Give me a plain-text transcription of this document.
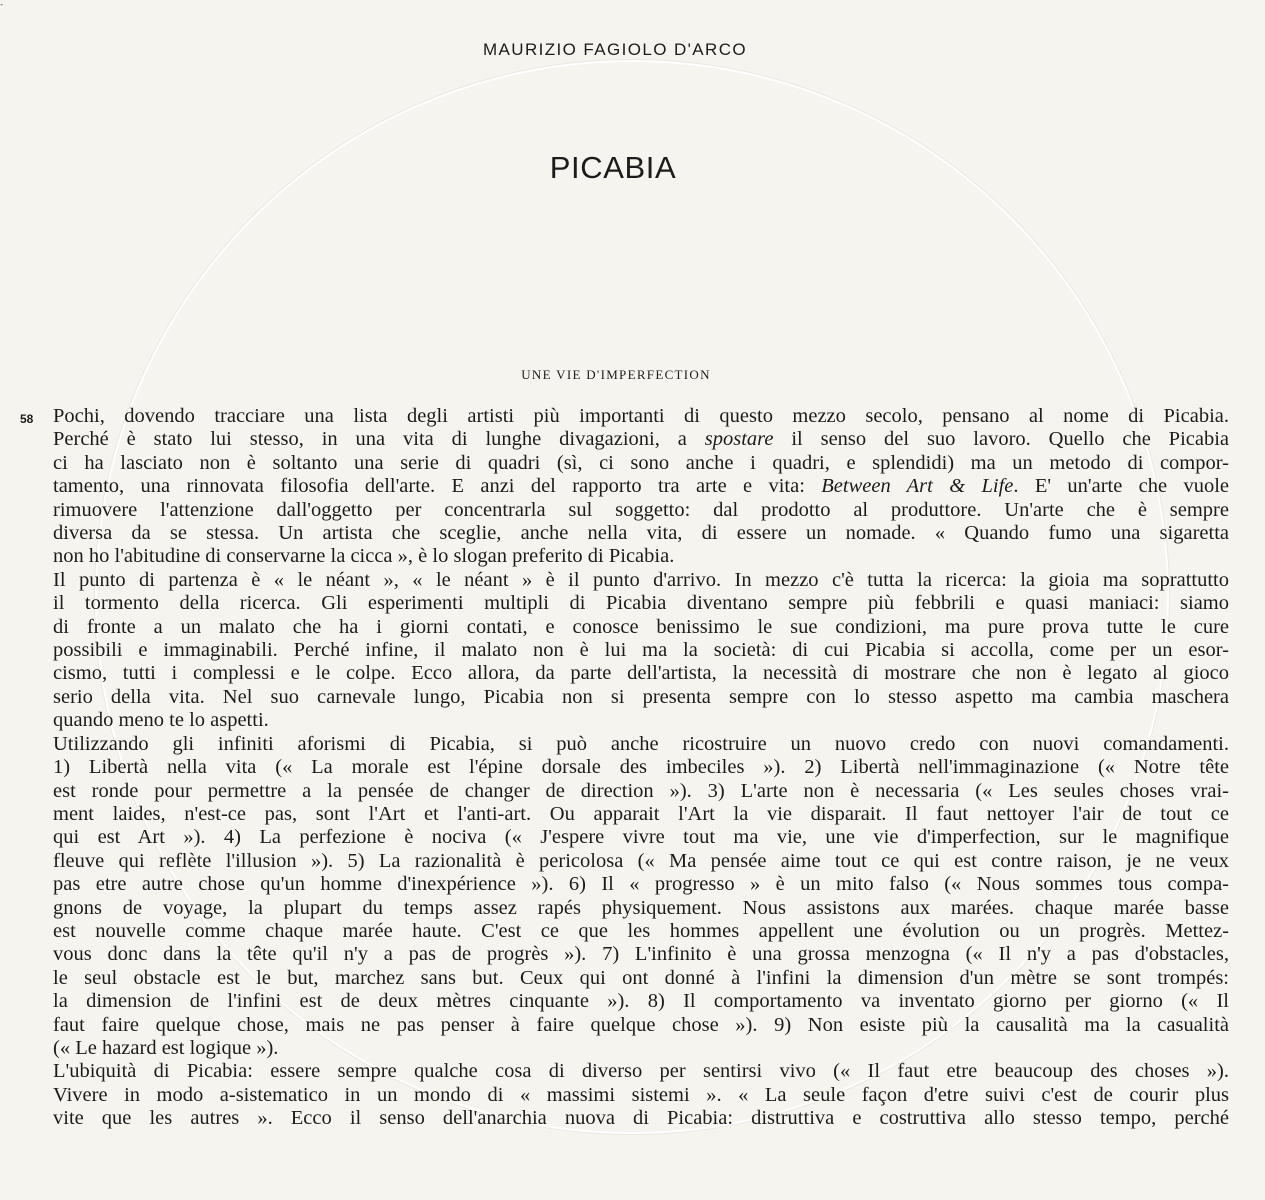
-
MAURIZIO FAGIOLO D'ARCO
PICABIA
UNE VIE D'IMPERFECTION
58 Pochi, dovendo tracciare una lista degli artisti più importanti di questo mezzo secolo, pensano al nome di Picabia.

Perché è stato lui stesso, in una vita di lunghe divagazioni, a spostare il senso del suo lavoro. Quello che Picabia

ci ha lasciato non è soltanto una serie di quadri (sì, ci sono anche i quadri, e splendidi) ma un metodo di compor-

tamento, una rinnovata filosofia dell'arte. E anzi del rapporto tra arte e vita: Between Art & Life. E' un'arte che vuole

rimuovere l'attenzione dall'oggetto per concentrarla sul soggetto: dal prodotto al produttore. Un'arte che è sempre

diversa da se stessa. Un artista che sceglie, anche nella vita, di essere un nomade. « Quando fumo una sigaretta

non ho l'abitudine di conservarne la cicca », è lo slogan preferito di Picabia.

Il punto di partenza è « le néant », « le néant » è il punto d'arrivo. In mezzo c'è tutta la ricerca: la gioia ma soprattutto

il tormento della ricerca. Gli esperimenti multipli di Picabia diventano sempre più febbrili e quasi maniaci: siamo

di fronte a un malato che ha i giorni contati, e conosce benissimo le sue condizioni, ma pure prova tutte le cure

possibili e immaginabili. Perché infine, il malato non è lui ma la società: di cui Picabia si accolla, come per un esor-

cismo, tutti i complessi e le colpe. Ecco allora, da parte dell'artista, la necessità di mostrare che non è legato al gioco

serio della vita. Nel suo carnevale lungo, Picabia non si presenta sempre con lo stesso aspetto ma cambia maschera

quando meno te lo aspetti.

Utilizzando gli infiniti aforismi di Picabia, si può anche ricostruire un nuovo credo con nuovi comandamenti.

1) Libertà nella vita (« La morale est l'épine dorsale des imbeciles »). 2) Libertà nell'immaginazione (« Notre tête

est ronde pour permettre a la pensée de changer de direction »). 3) L'arte non è necessaria (« Les seules choses vrai-

ment laides, n'est-ce pas, sont l'Art et l'anti-art. Ou apparait l'Art la vie disparait. Il faut nettoyer l'air de tout ce

qui est Art »). 4) La perfezione è nociva (« J'espere vivre tout ma vie, une vie d'imperfection, sur le magnifique

fleuve qui reflète l'illusion »). 5) La razionalità è pericolosa (« Ma pensée aime tout ce qui est contre raison, je ne veux

pas etre autre chose qu'un homme d'inexpérience »). 6) Il « progresso » è un mito falso (« Nous sommes tous compa-

gnons de voyage, la plupart du temps assez rapés physiquement. Nous assistons aux marées. chaque marée basse

est nouvelle comme chaque marée haute. C'est ce que les hommes appellent une évolution ou un progrès. Mettez-

vous donc dans la tête qu'il n'y a pas de progrès »). 7) L'infinito è una grossa menzogna (« Il n'y a pas d'obstacles,

le seul obstacle est le but, marchez sans but. Ceux qui ont donné à l'infini la dimension d'un mètre se sont trompés:

la dimension de l'infini est de deux mètres cinquante »). 8) Il comportamento va inventato giorno per giorno (« Il

faut faire quelque chose, mais ne pas penser à faire quelque chose »). 9) Non esiste più la causalità ma la casualità

(« Le hazard est logique »).

L'ubiquità di Picabia: essere sempre qualche cosa di diverso per sentirsi vivo (« Il faut etre beaucoup des choses »).

Vivere in modo a-sistematico in un mondo di « massimi sistemi ». « La seule façon d'etre suivi c'est de courir plus

vite que les autres ». Ecco il senso dell'anarchia nuova di Picabia: distruttiva e costruttiva allo stesso tempo, perché
